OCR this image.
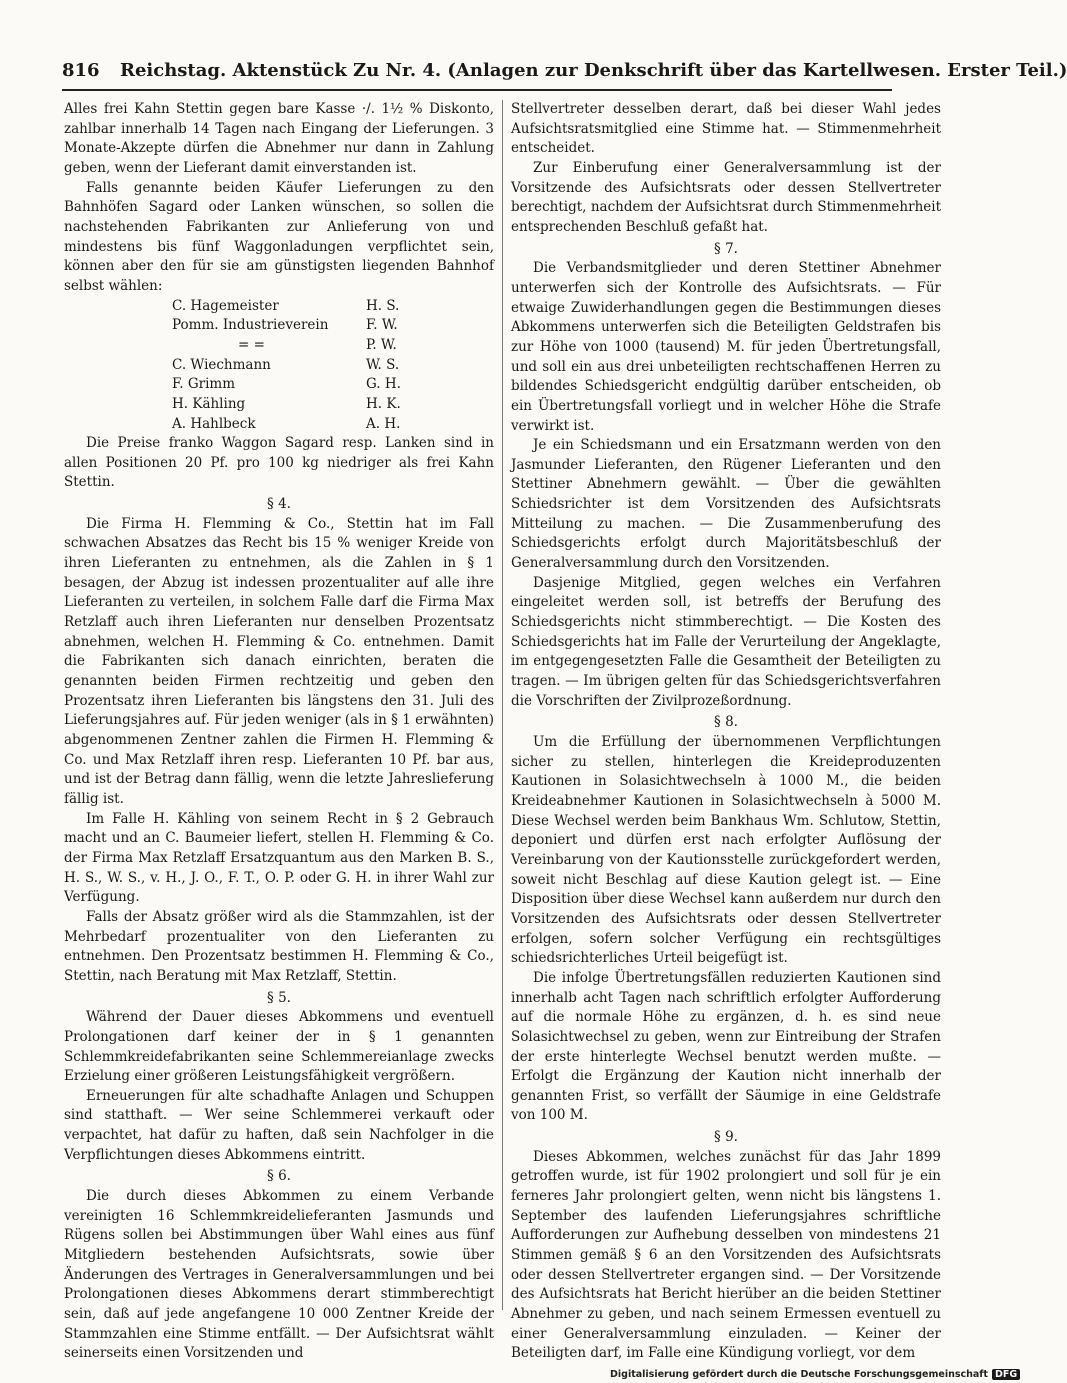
816 Reichstag. Aktenstück Zu Nr. 4. (Anlagen zur Denkschrift über das Kartellwesen. Erster Teil.)

Alles frei Kahn Stettin gegen bare Kasse ·/. 1½ % Diskonto, zahlbar innerhalb 14 Tagen nach Eingang der Lieferungen. 3 Monate-Akzepte dürfen die Abnehmer nur dann in Zahlung geben, wenn der Lieferant damit einverstanden ist.

Falls genannte beiden Käufer Lieferungen zu den Bahnhöfen Sagard oder Lanken wünschen, so sollen die nachstehenden Fabrikanten zur Anlieferung von und mindestens bis fünf Waggonladungen verpflichtet sein, können aber den für sie am günstigsten liegenden Bahnhof selbst wählen:

C. Hagemeister	H. S.
Pomm. Industrieverein	F. W.
= =	P. W.
C. Wiechmann	W. S.
F. Grimm	G. H.
H. Kähling	H. K.
A. Hahlbeck	A. H.

Die Preise franko Waggon Sagard resp. Lanken sind in allen Positionen 20 Pf. pro 100 kg niedriger als frei Kahn Stettin.

§ 4.

Die Firma H. Flemming & Co., Stettin hat im Fall schwachen Absatzes das Recht bis 15 % weniger Kreide von ihren Lieferanten zu entnehmen, als die Zahlen in § 1 besagen, der Abzug ist indessen prozentualiter auf alle ihre Lieferanten zu verteilen, in solchem Falle darf die Firma Max Retzlaff auch ihren Lieferanten nur denselben Prozentsatz abnehmen, welchen H. Flemming & Co. entnehmen. Damit die Fabrikanten sich danach einrichten, beraten die genannten beiden Firmen rechtzeitig und geben den Prozentsatz ihren Lieferanten bis längstens den 31. Juli des Lieferungsjahres auf. Für jeden weniger (als in § 1 erwähnten) abgenommenen Zentner zahlen die Firmen H. Flemming & Co. und Max Retzlaff ihren resp. Lieferanten 10 Pf. bar aus, und ist der Betrag dann fällig, wenn die letzte Jahreslieferung fällig ist.

Im Falle H. Kähling von seinem Recht in § 2 Gebrauch macht und an C. Baumeier liefert, stellen H. Flemming & Co. der Firma Max Retzlaff Ersatzquantum aus den Marken B. S., H. S., W. S., v. H., J. O., F. T., O. P. oder G. H. in ihrer Wahl zur Verfügung.

Falls der Absatz größer wird als die Stammzahlen, ist der Mehrbedarf prozentualiter von den Lieferanten zu entnehmen. Den Prozentsatz bestimmen H. Flemming & Co., Stettin, nach Beratung mit Max Retzlaff, Stettin.

§ 5.

Während der Dauer dieses Abkommens und eventuell Prolongationen darf keiner der in § 1 genannten Schlemmkreidefabrikanten seine Schlemmereianlage zwecks Erzielung einer größeren Leistungsfähigkeit vergrößern.

Erneuerungen für alte schadhafte Anlagen und Schuppen sind statthaft. — Wer seine Schlemmerei verkauft oder verpachtet, hat dafür zu haften, daß sein Nachfolger in die Verpflichtungen dieses Abkommens eintritt.

§ 6.

Die durch dieses Abkommen zu einem Verbande vereinigten 16 Schlemmkreidelieferanten Jasmunds und Rügens sollen bei Abstimmungen über Wahl eines aus fünf Mitgliedern bestehenden Aufsichtsrats, sowie über Änderungen des Vertrages in Generalversammlungen und bei Prolongationen dieses Abkommens derart stimmberechtigt sein, daß auf jede angefangene 10 000 Zentner Kreide der Stammzahlen eine Stimme entfällt. — Der Aufsichtsrat wählt seinerseits einen Vorsitzenden und

Stellvertreter desselben derart, daß bei dieser Wahl jedes Aufsichtsratsmitglied eine Stimme hat. — Stimmenmehrheit entscheidet.

Zur Einberufung einer Generalversammlung ist der Vorsitzende des Aufsichtsrats oder dessen Stellvertreter berechtigt, nachdem der Aufsichtsrat durch Stimmenmehrheit entsprechenden Beschluß gefaßt hat.

§ 7.

Die Verbandsmitglieder und deren Stettiner Abnehmer unterwerfen sich der Kontrolle des Aufsichtsrats. — Für etwaige Zuwiderhandlungen gegen die Bestimmungen dieses Abkommens unterwerfen sich die Beteiligten Geldstrafen bis zur Höhe von 1000 (tausend) M. für jeden Übertretungsfall, und soll ein aus drei unbeteiligten rechtschaffenen Herren zu bildendes Schiedsgericht endgültig darüber entscheiden, ob ein Übertretungsfall vorliegt und in welcher Höhe die Strafe verwirkt ist.

Je ein Schiedsmann und ein Ersatzmann werden von den Jasmunder Lieferanten, den Rügener Lieferanten und den Stettiner Abnehmern gewählt. — Über die gewählten Schiedsrichter ist dem Vorsitzenden des Aufsichtsrats Mitteilung zu machen. — Die Zusammenberufung des Schiedsgerichts erfolgt durch Majoritätsbeschluß der Generalversammlung durch den Vorsitzenden.

Dasjenige Mitglied, gegen welches ein Verfahren eingeleitet werden soll, ist betreffs der Berufung des Schiedsgerichts nicht stimmberechtigt. — Die Kosten des Schiedsgerichts hat im Falle der Verurteilung der Angeklagte, im entgegengesetzten Falle die Gesamtheit der Beteiligten zu tragen. — Im übrigen gelten für das Schiedsgerichtsverfahren die Vorschriften der Zivilprozeßordnung.

§ 8.

Um die Erfüllung der übernommenen Verpflichtungen sicher zu stellen, hinterlegen die Kreideproduzenten Kautionen in Solasichtwechseln à 1000 M., die beiden Kreideabnehmer Kautionen in Solasichtwechseln à 5000 M. Diese Wechsel werden beim Bankhaus Wm. Schlutow, Stettin, deponiert und dürfen erst nach erfolgter Auflösung der Vereinbarung von der Kautionsstelle zurückgefordert werden, soweit nicht Beschlag auf diese Kaution gelegt ist. — Eine Disposition über diese Wechsel kann außerdem nur durch den Vorsitzenden des Aufsichtsrats oder dessen Stellvertreter erfolgen, sofern solcher Verfügung ein rechtsgültiges schiedsrichterliches Urteil beigefügt ist.

Die infolge Übertretungsfällen reduzierten Kautionen sind innerhalb acht Tagen nach schriftlich erfolgter Aufforderung auf die normale Höhe zu ergänzen, d. h. es sind neue Solasichtwechsel zu geben, wenn zur Eintreibung der Strafen der erste hinterlegte Wechsel benutzt werden mußte. — Erfolgt die Ergänzung der Kaution nicht innerhalb der genannten Frist, so verfällt der Säumige in eine Geldstrafe von 100 M.

§ 9.

Dieses Abkommen, welches zunächst für das Jahr 1899 getroffen wurde, ist für 1902 prolongiert und soll für je ein ferneres Jahr prolongiert gelten, wenn nicht bis längstens 1. September des laufenden Lieferungsjahres schriftliche Aufforderungen zur Aufhebung desselben von mindestens 21 Stimmen gemäß § 6 an den Vorsitzenden des Aufsichtsrats oder dessen Stellvertreter ergangen sind. — Der Vorsitzende des Aufsichtsrats hat Bericht hierüber an die beiden Stettiner Abnehmer zu geben, und nach seinem Ermessen eventuell zu einer Generalversammlung einzuladen. — Keiner der Beteiligten darf, im Falle eine Kündigung vorliegt, vor dem

Digitalisierung gefördert durch die Deutsche Forschungsgemeinschaft DFG
